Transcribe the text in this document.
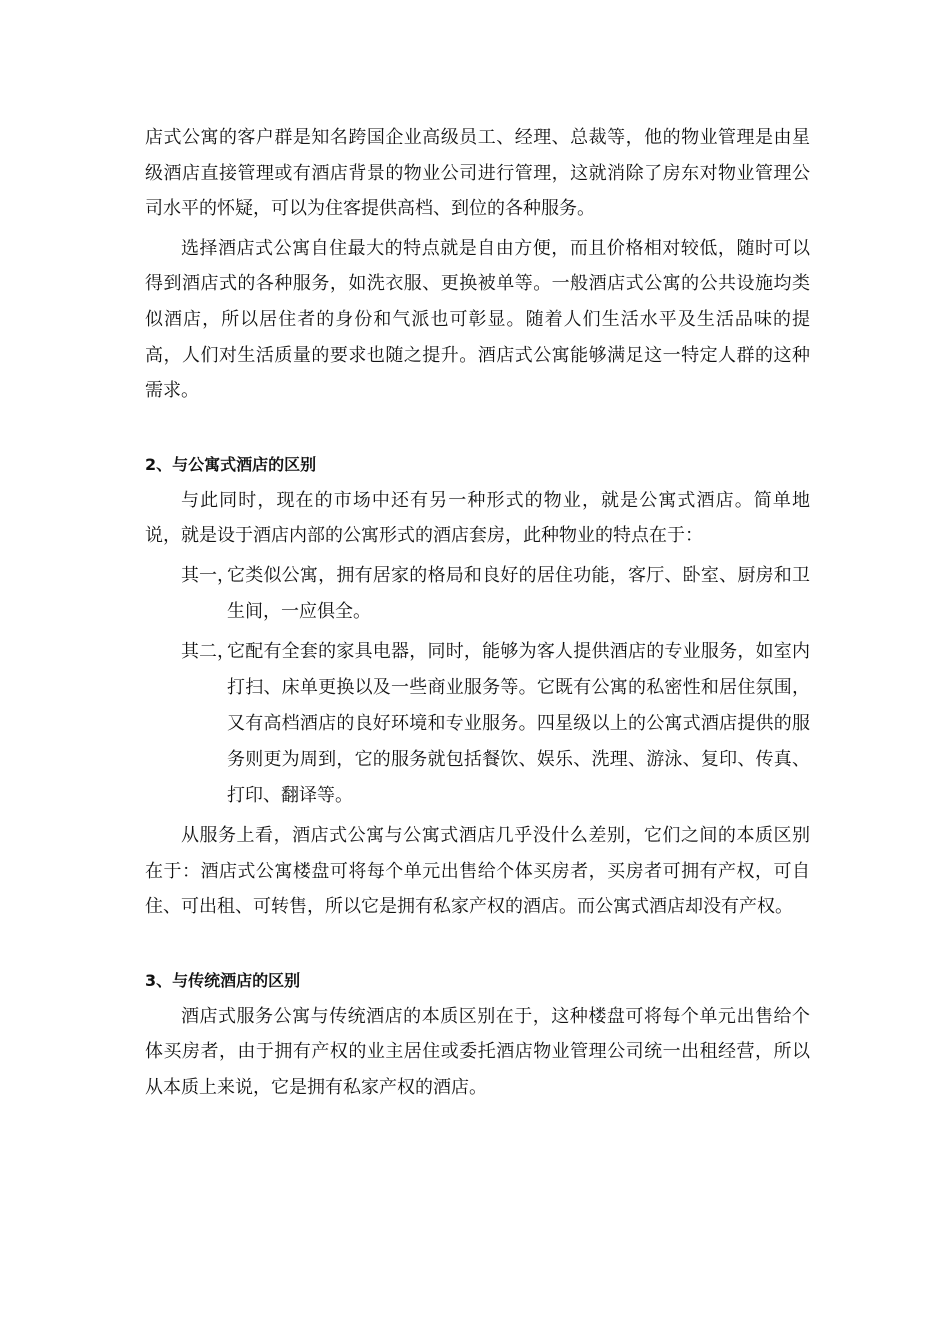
店式公寓的客户群是知名跨国企业高级员工、经理、总裁等，他的物业管理是由星级酒店直接管理或有酒店背景的物业公司进行管理，这就消除了房东对物业管理公司水平的怀疑，可以为住客提供高档、到位的各种服务。

选择酒店式公寓自住最大的特点就是自由方便，而且价格相对较低，随时可以得到酒店式的各种服务，如洗衣服、更换被单等。一般酒店式公寓的公共设施均类似酒店，所以居住者的身份和气派也可彰显。随着人们生活水平及生活品味的提高，人们对生活质量的要求也随之提升。酒店式公寓能够满足这一特定人群的这种需求。

2、与公寓式酒店的区别

与此同时，现在的市场中还有另一种形式的物业，就是公寓式酒店。简单地说，就是设于酒店内部的公寓形式的酒店套房，此种物业的特点在于：

其一，
它类似公寓，拥有居家的格局和良好的居住功能，客厅、卧室、厨房和卫生间，一应俱全。
其二，
它配有全套的家具电器，同时，能够为客人提供酒店的专业服务，如室内打扫、床单更换以及一些商业服务等。它既有公寓的私密性和居住氛围，又有高档酒店的良好环境和专业服务。四星级以上的公寓式酒店提供的服务则更为周到，它的服务就包括餐饮、娱乐、洗理、游泳、复印、传真、打印、翻译等。

从服务上看，酒店式公寓与公寓式酒店几乎没什么差别，它们之间的本质区别在于：酒店式公寓楼盘可将每个单元出售给个体买房者，买房者可拥有产权，可自住、可出租、可转售，所以它是拥有私家产权的酒店。而公寓式酒店却没有产权。

3、与传统酒店的区别

酒店式服务公寓与传统酒店的本质区别在于，这种楼盘可将每个单元出售给个体买房者，由于拥有产权的业主居住或委托酒店物业管理公司统一出租经营，所以从本质上来说，它是拥有私家产权的酒店。
